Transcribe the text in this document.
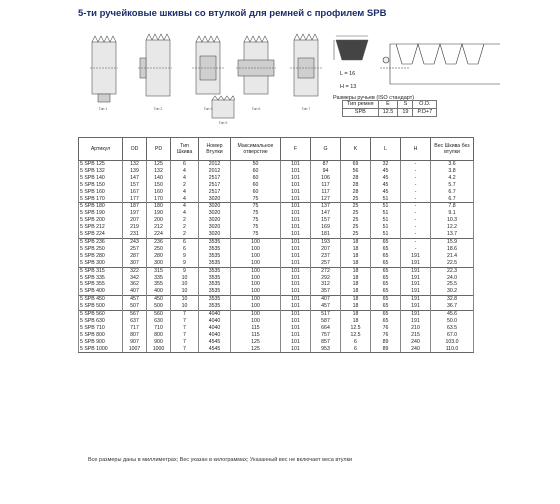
5-ти ручейковые шкивы со втулкой для ремней с профилем SPB
Тип 1	Тип 2	Тип 4	Тип 6	Тип 7
Тип 9
L = 16
H = 13
Размеры ручьев (ISO стандарт)
Тип ремня	E	S	O.D.
SPB	12.5	19	P.D+7
Артикул	OD	PD	Тип Шкива	Номер Втулки	Максимальное отверстие	F	G	K	L	H	Вес Шкива без втулки
5 SPB 125	132	125	6	2012	50	101	87	69	32	-	3.6
5 SPB 132	139	132	4	2012	60	101	94	56	45	-	3.8
5 SPB 140	147	140	4	2517	60	101	106	28	45	-	4.2
5 SPB 150	157	150	2	2517	60	101	117	28	45	-	5.7
5 SPB 160	167	160	4	2517	60	101	117	28	45	-	6.7
5 SPB 170	177	170	4	3020	75	101	127	25	51	-	6.7
5 SPB 180	187	180	4	3020	75	101	137	25	51	-	7.8
5 SPB 190	197	190	4	3020	75	101	147	25	51	-	9.1
5 SPB 200	207	200	2	3020	75	101	157	25	51	-	10.3
5 SPB 212	219	212	2	3020	75	101	169	25	51	-	12.2
5 SPB 224	231	224	2	3020	75	101	181	25	51	-	13.7
5 SPB 236	243	236	6	3535	100	101	193	18	65	-	15.9
5 SPB 250	257	250	6	3535	100	101	207	18	65	-	18.6
5 SPB 280	287	280	9	3535	100	101	237	18	65	191	21.4
5 SPB 300	307	300	9	3535	100	101	257	18	65	191	22.5
5 SPB 315	322	315	9	3535	100	101	272	18	65	191	22.3
5 SPB 335	342	335	10	3535	100	101	292	18	65	191	24.0
5 SPB 355	362	355	10	3535	100	101	312	18	65	191	25.5
5 SPB 400	407	400	10	3535	100	101	357	18	65	191	30.2
5 SPB 450	457	450	10	3535	100	101	407	18	65	191	32.8
5 SPB 500	507	500	10	3535	100	101	457	18	65	191	36.7
5 SPB 560	567	560	7	4040	100	101	517	18	65	191	45.6
5 SPB 630	637	630	7	4040	100	101	587	18	65	191	50.0
5 SPB 710	717	710	7	4040	115	101	664	12.5	76	210	63.5
5 SPB 800	807	800	7	4040	115	101	757	12.5	76	215	67.0
5 SPB 900	907	900	7	4545	125	101	857	6	89	240	103.0
5 SPB 1000	1007	1000	7	4545	125	101	953	6	89	240	110.0
Все размеры даны в миллиметрах; Вес указан в килограммах; Указанный вес не включает веса втулки
